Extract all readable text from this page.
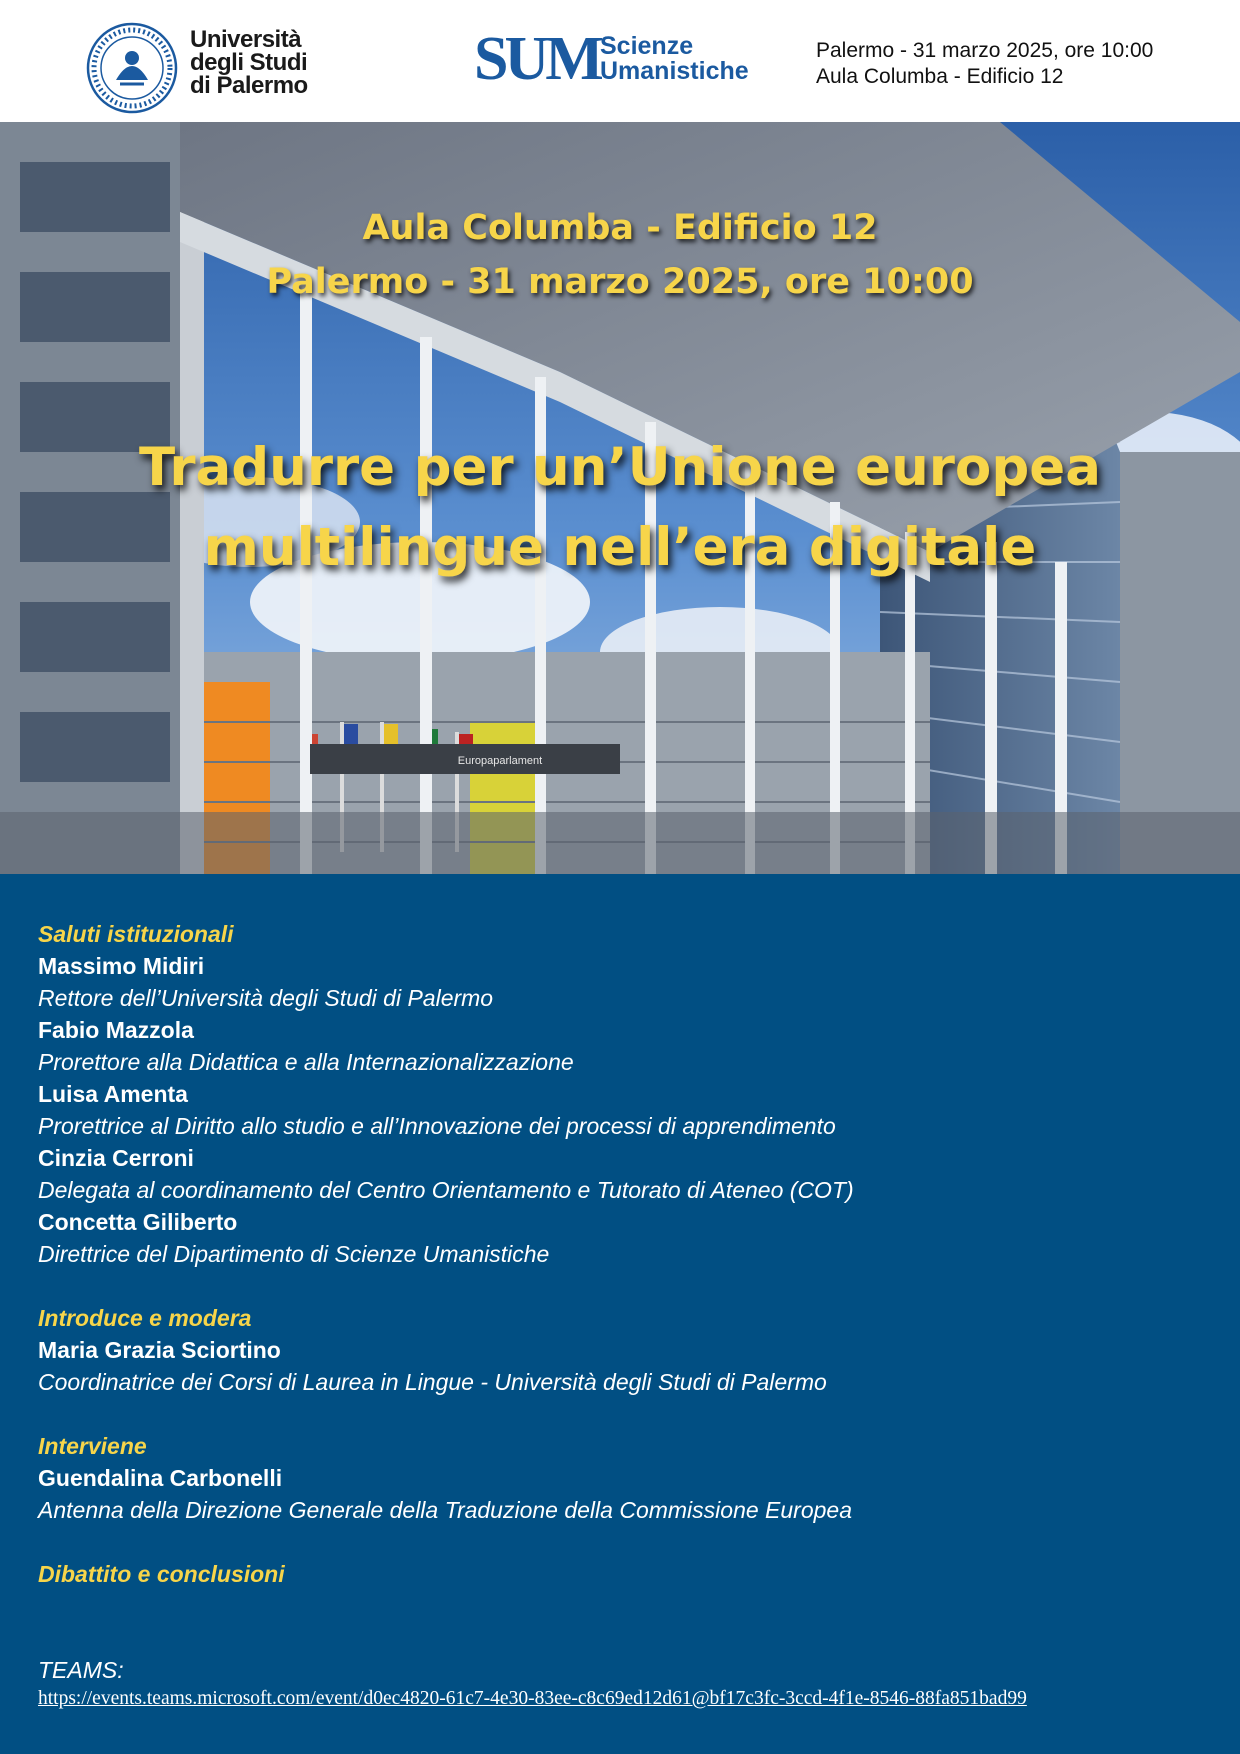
Università
degli Studi
di Palermo	SUM Scienze
Umanistiche
Palermo - 31 marzo 2025, ore 10:00
Aula Columba - Edificio 12
Europaparlament
Aula Columba - Edificio 12
Palermo - 31 marzo 2025, ore 10:00
Tradurre per un’Unione europea
multilingue nell’era digitale
Saluti istituzionali
Massimo Midiri
Rettore dell’Università degli Studi di Palermo
Fabio Mazzola
Prorettore alla Didattica e alla Internazionalizzazione
Luisa Amenta
Prorettrice al Diritto allo studio e all’Innovazione dei processi di apprendimento
Cinzia Cerroni
Delegata al coordinamento del Centro Orientamento e Tutorato di Ateneo (COT)
Concetta Giliberto
Direttrice del Dipartimento di Scienze Umanistiche
Introduce e modera
Maria Grazia Sciortino
Coordinatrice dei Corsi di Laurea in Lingue - Università degli Studi di Palermo
Interviene
Guendalina Carbonelli
Antenna della Direzione Generale della Traduzione della Commissione Europea
Dibattito e conclusioni
TEAMS:
https://events.teams.microsoft.com/event/d0ec4820-61c7-4e30-83ee-c8c69ed12d61@bf17c3fc-3ccd-4f1e-8546-88fa851bad99
